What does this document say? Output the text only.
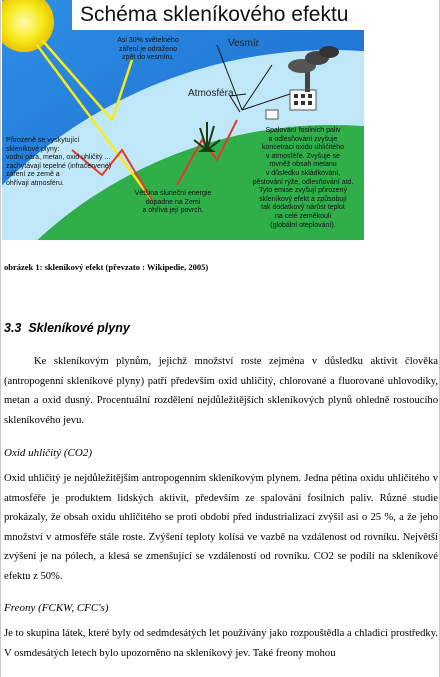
Schéma skleníkového efektu
Asi 30% světelného
záření je odraženo
zpět do vesmíru.
Vesmír
Atmosféra
Přirozeně se vyskytující
skleníkové plyny:
vodní pára, metan, oxid uhličitý ...
zachytávají tepelné (infračervené)
záření ze země a
ohřívají atmosféru.
Spalování fosilních paliv
a odlesňování zvyšuje
koncetraci oxidu uhličitého
v atmosféře. Zvyšuje se
rovněž obsah metanu
v důsledku skládkování,
pěstování rýže, odlesňování atd.
Tyto emise zvyšují přirozený
skleníkový efekt a způsobují
tak dodatkový nárůst teplot
na celé zeměkouli
(globální oteplování).
Většina sluneční energie
dopadne na Zemi
a ohřívá její povrch.
obrázek 1: skleníkový efekt (převzato : Wikipedie, 2005)
3.3 Skleníkové plyny
Ke skleníkovým plynům, jejichž množství roste zejména v důsledku aktivit člověka (antropogenní skleníkové plyny) patří především oxid uhličitý, chlorované a fluorované uhlovodíky, metan a oxid dusný. Procentuální rozdělení nejdůležitějších skleníkových plynů ohledně rostoucího skleníkového jevu.
Oxid uhličitý (CO2)
Oxid uhličitý je nejdůležitějším antropogenním skleníkovým plynem. Jedna pětina oxidu uhličitého v atmosféře je produktem lidských aktivit, především ze spalování fosilních paliv. Různé studie prokázaly, že obsah oxidu uhličitého se proti období před industrializací zvýšil asi o 25 %, a že jeho množství v atmosféře stále roste. Zvýšení teploty kolísá ve vazbě na vzdálenost od rovníku. Největší zvýšení je na pólech, a klesá se zmenšující se vzdáleností od rovníku. CO2 se podílí na skleníkové efektu z 50%.
Freony (FCKW, CFC's)
Je to skupina látek, které byly od sedmdesátých let používány jako rozpouštědla a chladicí prostředky. V osmdesátých letech bylo upozorněno na skleníkový jev. Také freony mohou
